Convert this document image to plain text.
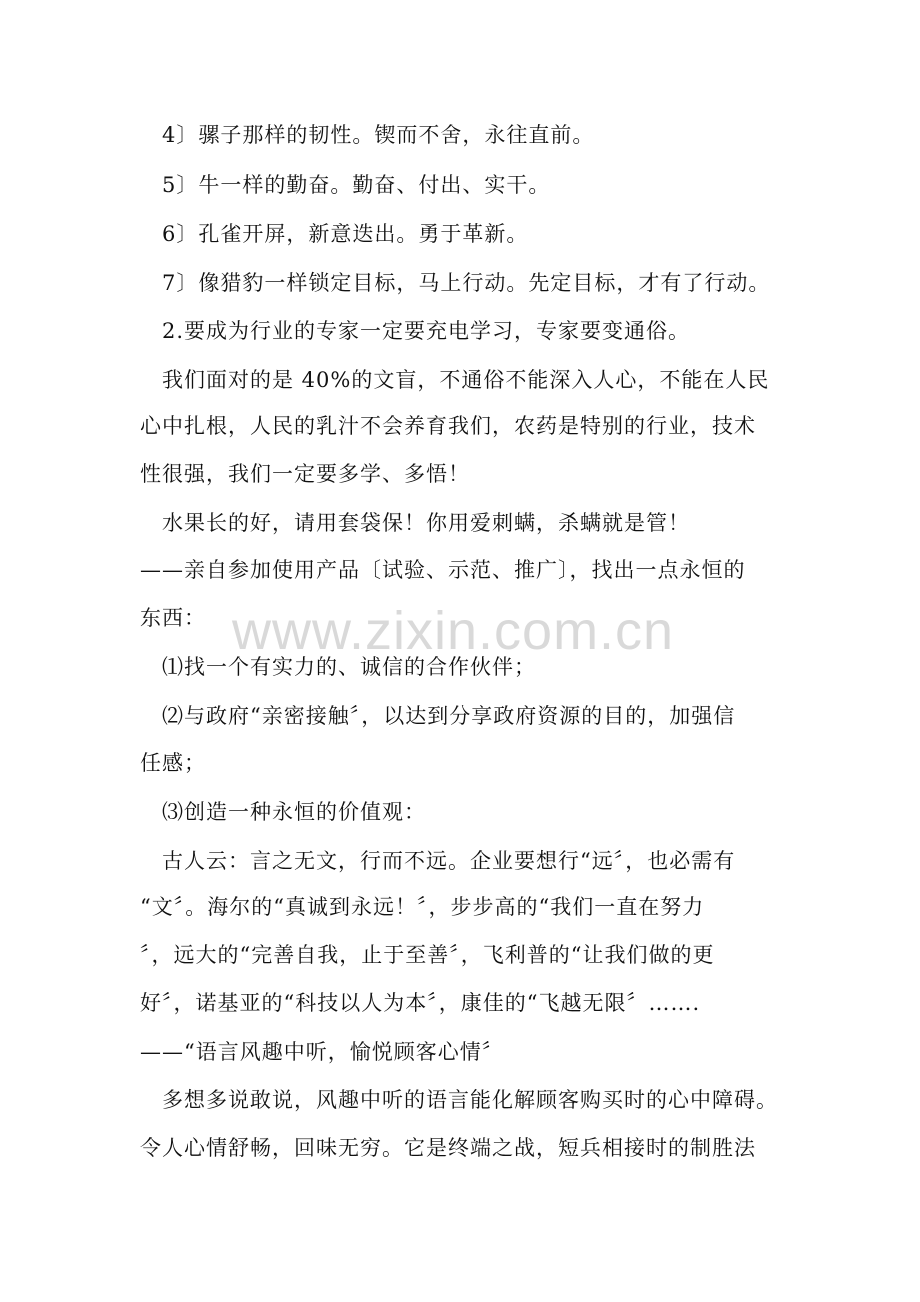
www.zixin.com.cn
4〕骡子那样的韧性。锲而不舍，永往直前。
5〕牛一样的勤奋。勤奋、付出、实干。
6〕孔雀开屏，新意迭出。勇于革新。
7〕像猎豹一样锁定目标，马上行动。先定目标，才有了行动。
2.要成为行业的专家一定要充电学习，专家要变通俗。
我们面对的是 40%的文盲，不通俗不能深入人心，不能在人民
心中扎根，人民的乳汁不会养育我们，农药是特别的行业，技术
性很强，我们一定要多学、多悟！
水果长的好，请用套袋保！你用爱刺螨，杀螨就是管！
——亲自参加使用产品〔试验、示范、推广〕，找出一点永恒的
东西：
⑴找一个有实力的、诚信的合作伙伴；
⑵与政府“亲密接触〞，以达到分享政府资源的目的，加强信
任感；
⑶创造一种永恒的价值观：
古人云：言之无文，行而不远。企业要想行“远〞，也必需有
“文〞。海尔的“真诚到永远！〞，步步高的“我们一直在努力
〞，远大的“完善自我，止于至善〞，飞利普的“让我们做的更
好〞，诺基亚的“科技以人为本〞，康佳的“飞越无限〞…….
——“语言风趣中听，愉悦顾客心情〞
多想多说敢说，风趣中听的语言能化解顾客购买时的心中障碍。
令人心情舒畅，回味无穷。它是终端之战，短兵相接时的制胜法
